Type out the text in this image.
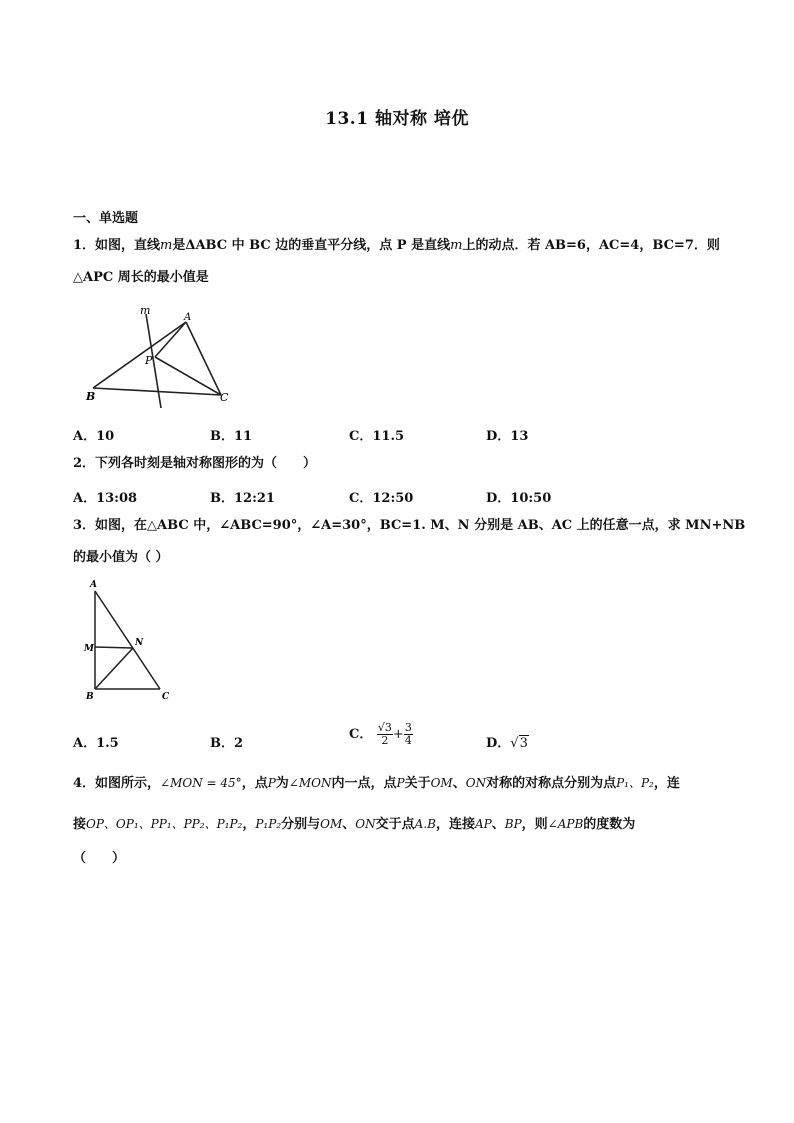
13.1 轴对称 培优
一、单选题
1．如图，直线m是ΔABC 中 BC 边的垂直平分线，点 P 是直线m上的动点．若 AB=6，AC=4，BC=7．则
△APC 周长的最小值是
m
A
P
B	C
A．10	B．11	C．11.5	D．13
2．下列各时刻是轴对称图形的为（　　）
A．13:08	B．12:21	C．12:50	D．10:50
3．如图，在△ABC 中，∠ABC=90°，∠A=30°，BC=1. M、N 分别是 AB、AC 上的任意一点，求 MN+NB
的最小值为（ ）
A
M
N
B	C
A．1.5	B．2
C． $\frac{√3}{2} + \frac{3}{4}$	D．√3
4．如图所示，∠MON = 45°，点P为∠MON内一点，点P关于OM、ON对称的对称点分别为点P₁、P₂，连
接OP、OP₁、PP₁、PP₂、P₁P₂，P₁P₂分别与OM、ON交于点A.B，连接AP、BP，则∠APB的度数为
（　　）
